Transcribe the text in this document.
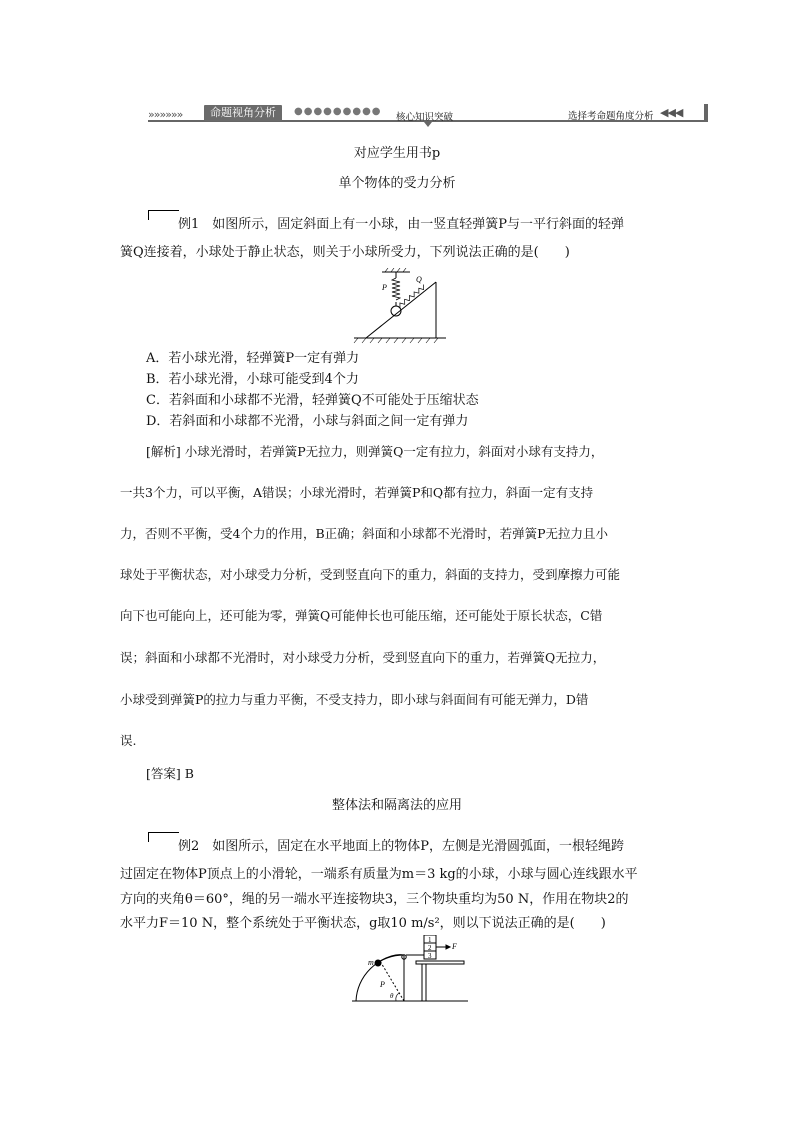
»»»»»»	命题视角分析	●●●●●●●●●
核心知识突破	选择考命题角度分析 ◀◀◀
对应学生用书p
单个物体的受力分析
例1　如图所示，固定斜面上有一小球，由一竖直轻弹簧P与一平行斜面的轻弹
簧Q连接着，小球处于静止状态，则关于小球所受力，下列说法正确的是(　　)
P
Q
A．若小球光滑，轻弹簧P一定有弹力
B．若小球光滑，小球可能受到4个力
C．若斜面和小球都不光滑，轻弹簧Q不可能处于压缩状态
D．若斜面和小球都不光滑，小球与斜面之间一定有弹力
[解析] 小球光滑时，若弹簧P无拉力，则弹簧Q一定有拉力，斜面对小球有支持力，
一共3个力，可以平衡，A错误；小球光滑时，若弹簧P和Q都有拉力，斜面一定有支持
力，否则不平衡，受4个力的作用，B正确；斜面和小球都不光滑时，若弹簧P无拉力且小
球处于平衡状态，对小球受力分析，受到竖直向下的重力，斜面的支持力，受到摩擦力可能
向下也可能向上，还可能为零，弹簧Q可能伸长也可能压缩，还可能处于原长状态，C错
误；斜面和小球都不光滑时，对小球受力分析，受到竖直向下的重力，若弹簧Q无拉力，
小球受到弹簧P的拉力与重力平衡，不受支持力，即小球与斜面间有可能无弹力，D错
误.
[答案] B
整体法和隔离法的应用
例2　如图所示，固定在水平地面上的物体P，左侧是光滑圆弧面，一根轻绳跨
过固定在物体P顶点上的小滑轮，一端系有质量为m＝3 kg的小球，小球与圆心连线跟水平
方向的夹角θ＝60°，绳的另一端水平连接物块3，三个物块重均为50 N，作用在物块2的
水平力F＝10 N，整个系统处于平衡状态，g取10 m/s²，则以下说法正确的是(　　)
1
2
3
F
m
P
θ
